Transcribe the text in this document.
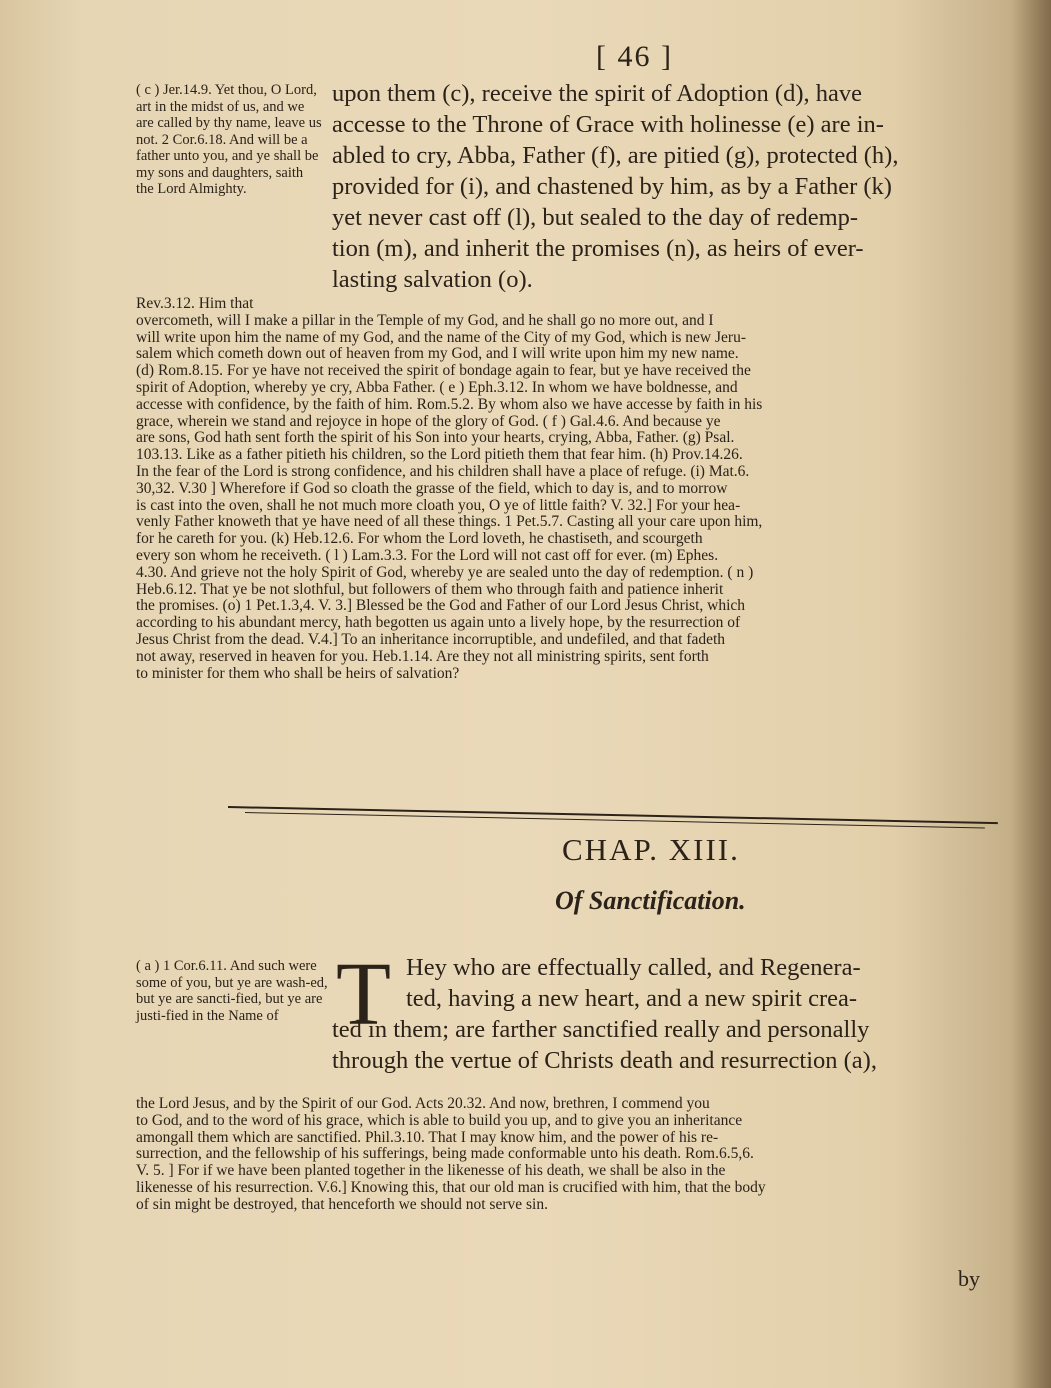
[ 46 ]
( c ) Jer.14.9. Yet thou, O Lord, art in the midst of us, and we are called by thy name, leave us not. 2 Cor.6.18. And will be a father unto you, and ye shall be my sons and daughters, saith the Lord Almighty.
upon them (c), receive the spirit of Adoption (d), have
accesse to the Throne of Grace with holinesse (e) are in-
abled to cry, Abba, Father (f), are pitied (g), protected (h),
provided for (i), and chastened by him, as by a Father (k)
yet never cast off (l), but sealed to the day of redemp-
tion (m), and inherit the promises (n), as heirs of ever-
lasting salvation (o).
Rev.3.12. Him that
overcometh, will I make a pillar in the Temple of my God, and he shall go no more out, and I
will write upon him the name of my God, and the name of the City of my God, which is new Jeru-
salem which cometh down out of heaven from my God, and I will write upon him my new name.
(d) Rom.8.15. For ye have not received the spirit of bondage again to fear, but ye have received the
spirit of Adoption, whereby ye cry, Abba Father. ( e ) Eph.3.12. In whom we have boldnesse, and
accesse with confidence, by the faith of him. Rom.5.2. By whom also we have accesse by faith in his
grace, wherein we stand and rejoyce in hope of the glory of God. ( f ) Gal.4.6. And because ye
are sons, God hath sent forth the spirit of his Son into your hearts, crying, Abba, Father. (g) Psal.
103.13. Like as a father pitieth his children, so the Lord pitieth them that fear him. (h) Prov.14.26.
In the fear of the Lord is strong confidence, and his children shall have a place of refuge. (i) Mat.6.
30,32. V.30 ] Wherefore if God so cloath the grasse of the field, which to day is, and to morrow
is cast into the oven, shall he not much more cloath you, O ye of little faith? V. 32.] For your hea-
venly Father knoweth that ye have need of all these things. 1 Pet.5.7. Casting all your care upon him,
for he careth for you. (k) Heb.12.6. For whom the Lord loveth, he chastiseth, and scourgeth
every son whom he receiveth. ( l ) Lam.3.3. For the Lord will not cast off for ever. (m) Ephes.
4.30. And grieve not the holy Spirit of God, whereby ye are sealed unto the day of redemption. ( n )
Heb.6.12. That ye be not slothful, but followers of them who through faith and patience inherit
the promises. (o) 1 Pet.1.3,4. V. 3.] Blessed be the God and Father of our Lord Jesus Christ, which
according to his abundant mercy, hath begotten us again unto a lively hope, by the resurrection of
Jesus Christ from the dead. V.4.] To an inheritance incorruptible, and undefiled, and that fadeth
not away, reserved in heaven for you. Heb.1.14. Are they not all ministring spirits, sent forth
to minister for them who shall be heirs of salvation?
CHAP. XIII.
Of Sanctification.
( a ) 1 Cor.6.11. And such were some of you, but ye are wash-ed, but ye are sancti-fied, but ye are justi-fied in the Name of T Hey who are effectually called, and Regenera-
ted, having a new heart, and a new spirit crea-
ted in them; are farther sanctified really and personally
through the vertue of Christs death and resurrection (a),
the Lord Jesus, and by the Spirit of our God. Acts 20.32. And now, brethren, I commend you
to God, and to the word of his grace, which is able to build you up, and to give you an inheritance
amongall them which are sanctified. Phil.3.10. That I may know him, and the power of his re-
surrection, and the fellowship of his sufferings, being made conformable unto his death. Rom.6.5,6.
V. 5. ] For if we have been planted together in the likenesse of his death, we shall be also in the
likenesse of his resurrection. V.6.] Knowing this, that our old man is crucified with him, that the body
of sin might be destroyed, that henceforth we should not serve sin.
by
